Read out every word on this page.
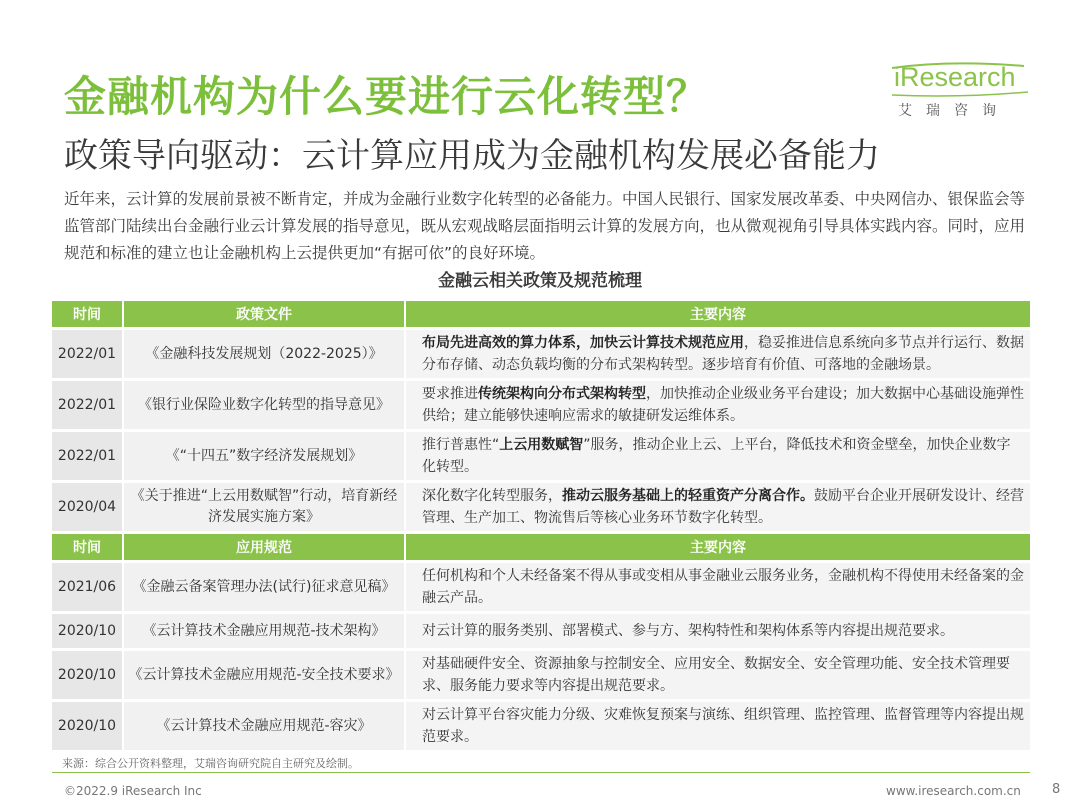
金融机构为什么要进行云化转型？
政策导向驱动：云计算应用成为金融机构发展必备能力
iResearch
艾瑞咨询
近年来，云计算的发展前景被不断肯定，并成为金融行业数字化转型的必备能力。中国人民银行、国家发展改革委、中央网信办、银保监会等监管部门陆续出台金融行业云计算发展的指导意见，既从宏观战略层面指明云计算的发展方向，也从微观视角引导具体实践内容。同时，应用规范和标准的建立也让金融机构上云提供更加“有据可依”的良好环境。
金融云相关政策及规范梳理
时间	政策文件	主要内容
2022/01	《金融科技发展规划（2022-2025）》	布局先进高效的算力体系，加快云计算技术规范应用，稳妥推进信息系统向多节点并行运行、数据分布存储、动态负载均衡的分布式架构转型。逐步培育有价值、可落地的金融场景。
2022/01	《银行业保险业数字化转型的指导意见》	要求推进传统架构向分布式架构转型，加快推动企业级业务平台建设；加大数据中心基础设施弹性供给；建立能够快速响应需求的敏捷研发运维体系。
2022/01	《“十四五”数字经济发展规划》	推行普惠性“上云用数赋智”服务，推动企业上云、上平台，降低技术和资金壁垒，加快企业数字化转型。
2020/04	《关于推进“上云用数赋智”行动，培育新经济发展实施方案》	深化数字化转型服务，推动云服务基础上的轻重资产分离合作。鼓励平台企业开展研发设计、经营管理、生产加工、物流售后等核心业务环节数字化转型。
时间	应用规范	主要内容
2021/06	《金融云备案管理办法(试行)征求意见稿》	任何机构和个人未经备案不得从事或变相从事金融业云服务业务，金融机构不得使用未经备案的金融云产品。
2020/10	《云计算技术金融应用规范-技术架构》	对云计算的服务类别、部署模式、参与方、架构特性和架构体系等内容提出规范要求。
2020/10	《云计算技术金融应用规范-安全技术要求》	对基础硬件安全、资源抽象与控制安全、应用安全、数据安全、安全管理功能、安全技术管理要求、服务能力要求等内容提出规范要求。
2020/10	《云计算技术金融应用规范-容灾》	对云计算平台容灾能力分级、灾难恢复预案与演练、组织管理、监控管理、监督管理等内容提出规范要求。
来源：综合公开资料整理，艾瑞咨询研究院自主研究及绘制。
©2022.9 iResearch Inc	www.iresearch.com.cn 8
